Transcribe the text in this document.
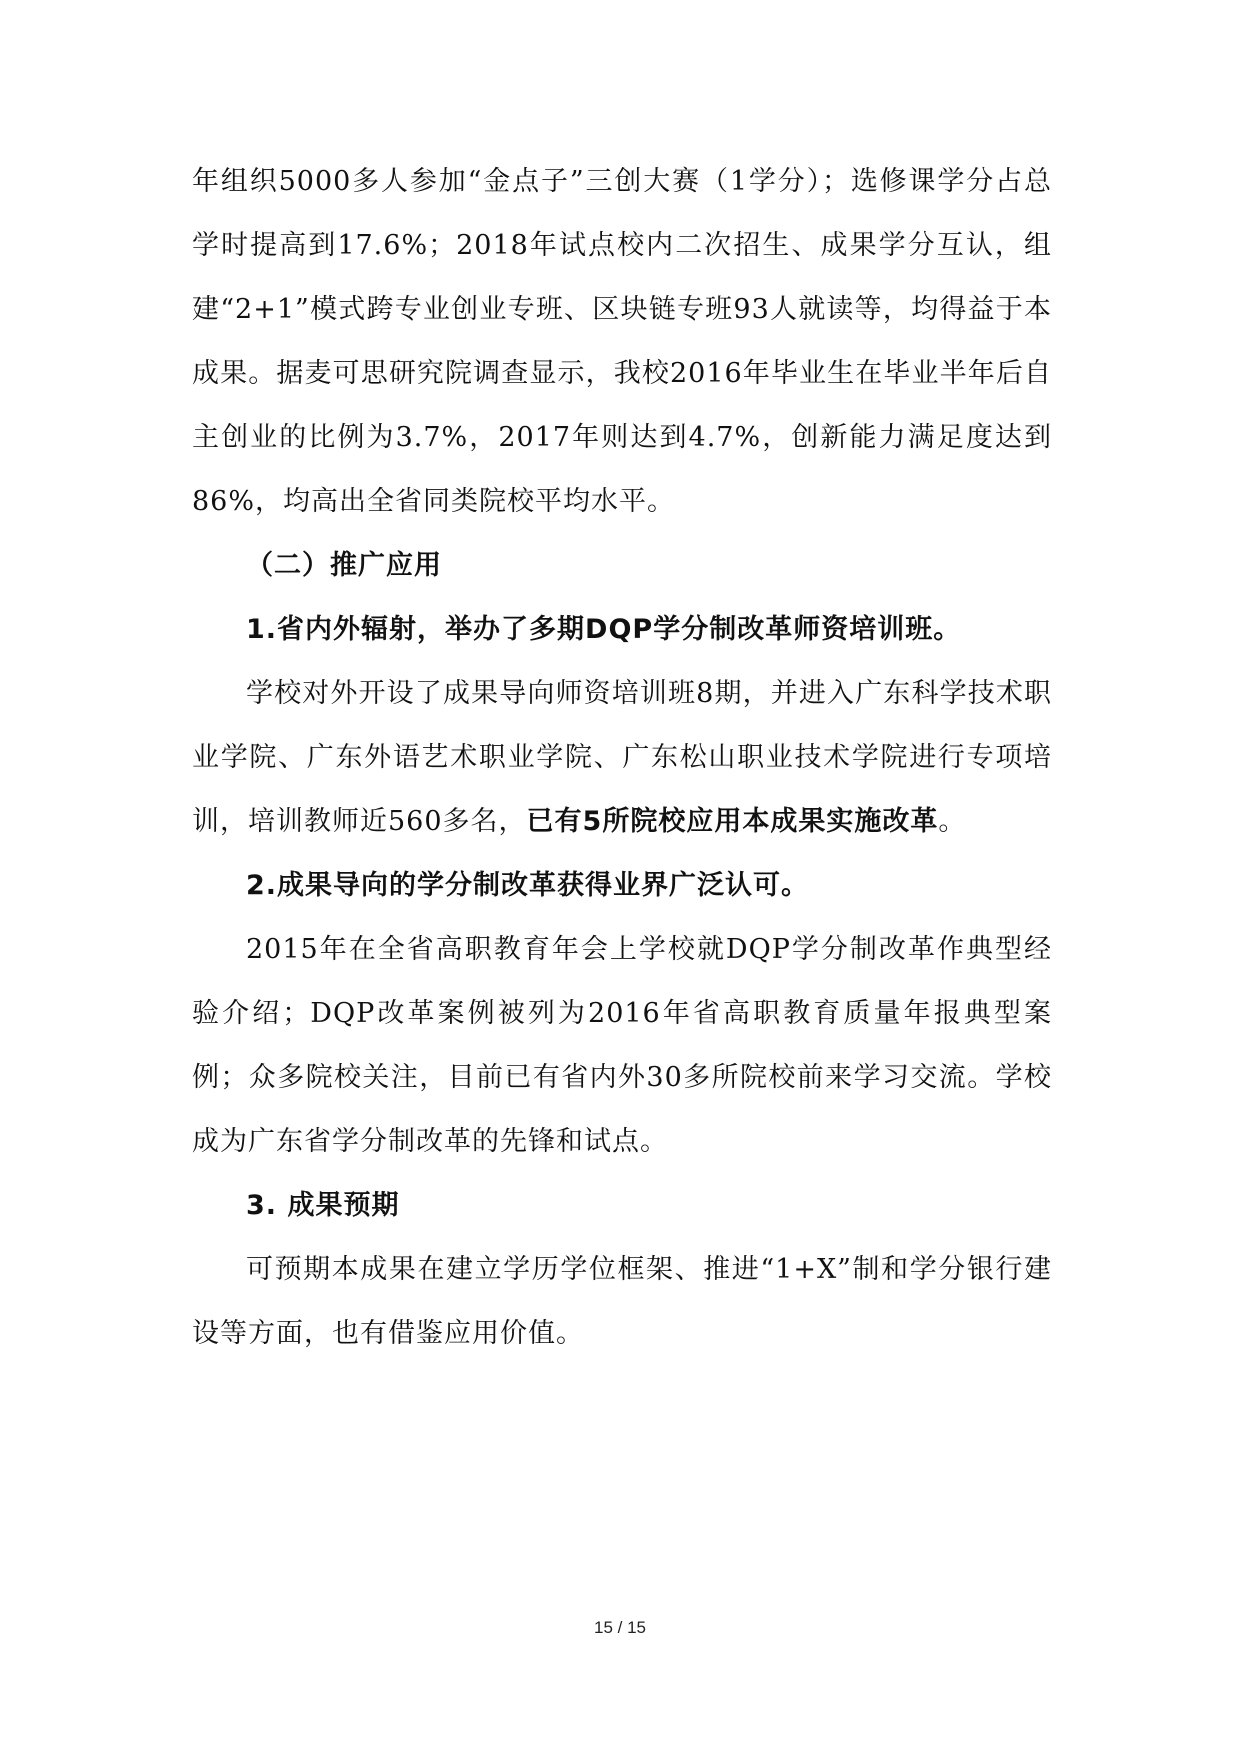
年组织5000多人参加“金点子”三创大赛（1学分）；选修课学分占总学时提高到17.6%；2018年试点校内二次招生、成果学分互认，组建“2+1”模式跨专业创业专班、区块链专班93人就读等，均得益于本成果。据麦可思研究院调查显示，我校2016年毕业生在毕业半年后自主创业的比例为3.7%，2017年则达到4.7%，创新能力满足度达到86%，均高出全省同类院校平均水平。

（二）推广应用

1.省内外辐射，举办了多期DQP学分制改革师资培训班。

学校对外开设了成果导向师资培训班8期，并进入广东科学技术职业学院、广东外语艺术职业学院、广东松山职业技术学院进行专项培训，培训教师近560多名，已有5所院校应用本成果实施改革。

2.成果导向的学分制改革获得业界广泛认可。

2015年在全省高职教育年会上学校就DQP学分制改革作典型经验介绍；DQP改革案例被列为2016年省高职教育质量年报典型案例；众多院校关注，目前已有省内外30多所院校前来学习交流。学校成为广东省学分制改革的先锋和试点。

3. 成果预期

可预期本成果在建立学历学位框架、推进“1+X”制和学分银行建设等方面，也有借鉴应用价值。

15 / 15
